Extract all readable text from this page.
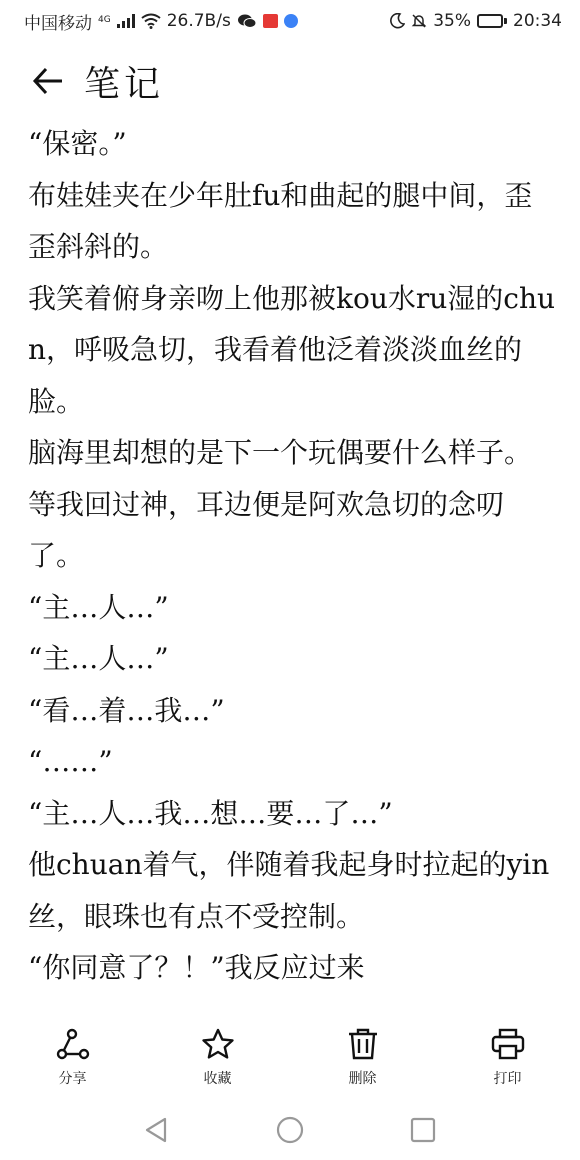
中国移动 4G	26.7B/s	35% 20:34
笔记

“保密。”

布娃娃夹在少年肚fu和曲起的腿中间，歪歪斜斜的。

我笑着俯身亲吻上他那被kou水ru湿的chun，呼吸急切，我看着他泛着淡淡血丝的脸。

脑海里却想的是下一个玩偶要什么样子。

等我回过神，耳边便是阿欢急切的念叨了。

“主…人…”

“主…人…”

“看…着…我…”

“……”

“主…人…我…想…要…了…”

他chuan着气，伴随着我起身时拉起的yin丝，眼珠也有点不受控制。

“你同意了？！”我反应过来

分享	收藏	删除	打印
